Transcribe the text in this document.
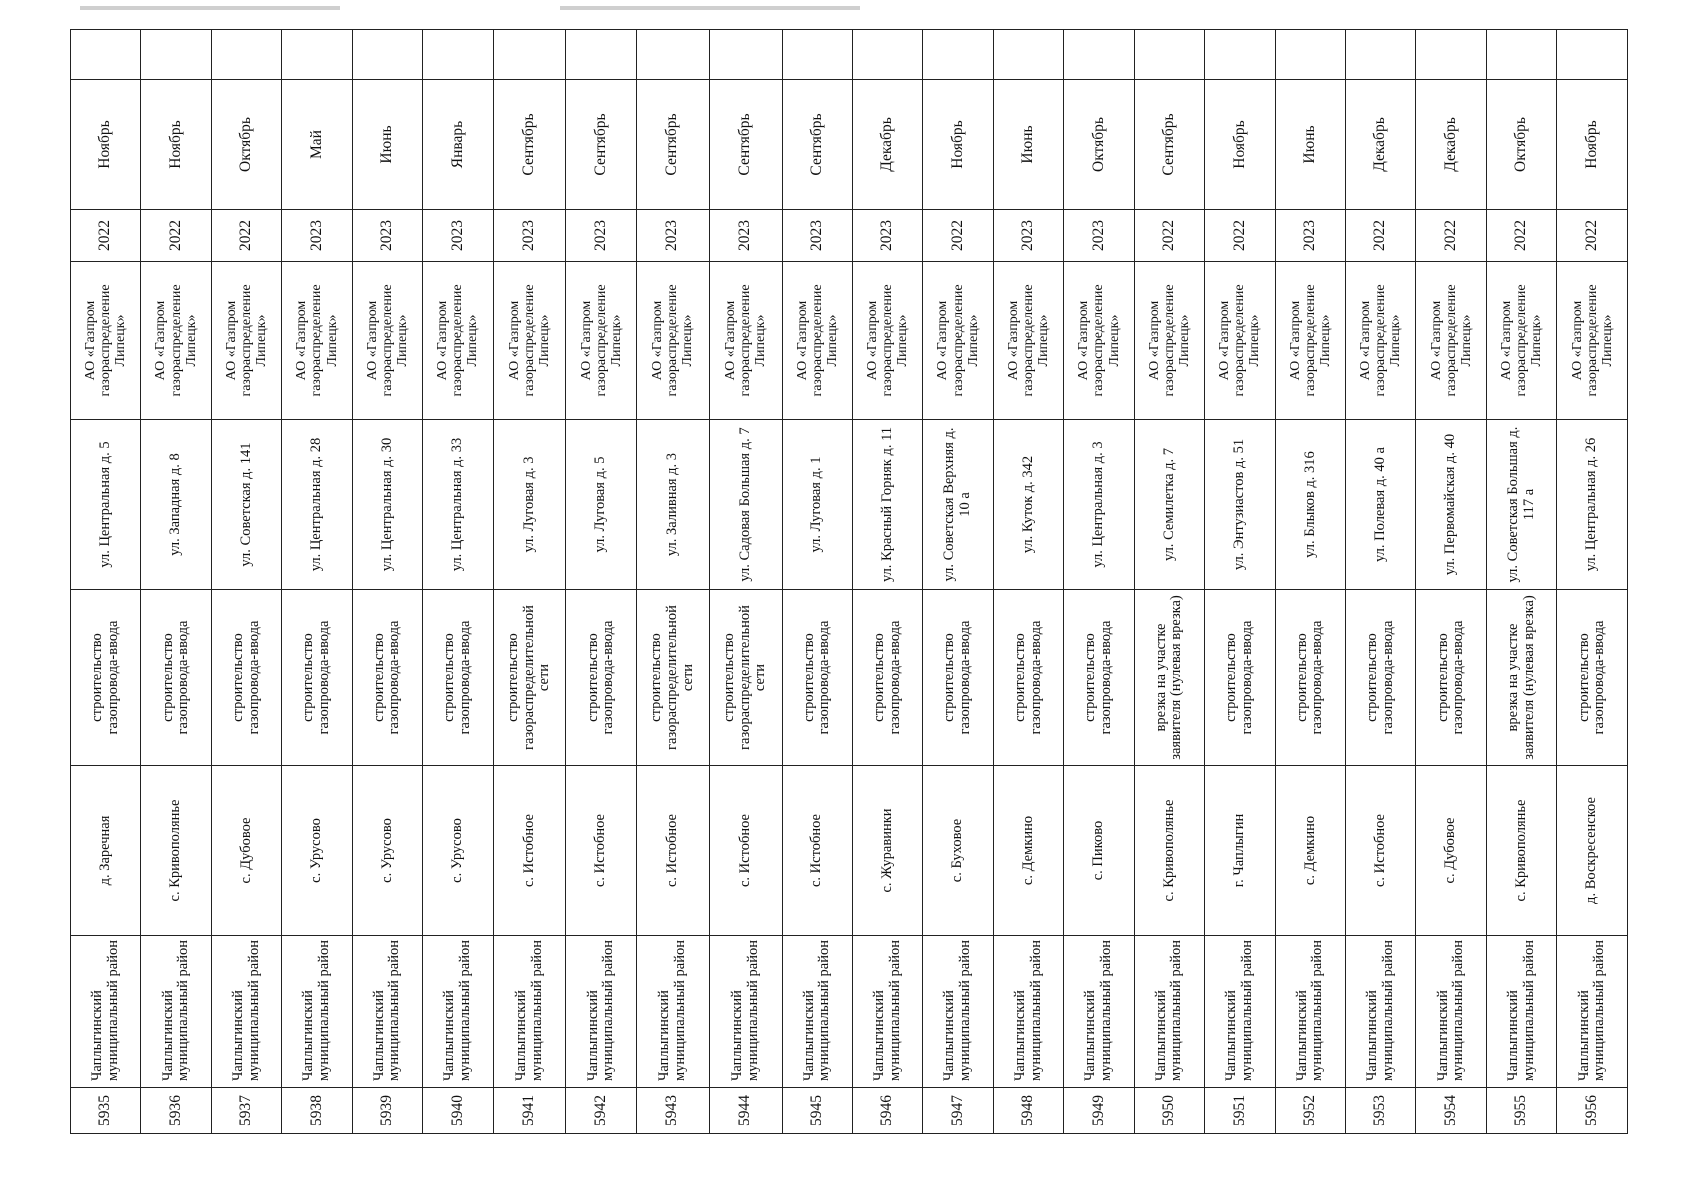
5935	Чаплыгинский муниципальный район	д. Заречная	строительство газопровода-ввода	ул. Центральная д. 5	АО «Газпром газораспределение Липецк»	2022	Ноябрь	
5936	Чаплыгинский муниципальный район	с. Кривополянье	строительство газопровода-ввода	ул. Западная д. 8	АО «Газпром газораспределение Липецк»	2022	Ноябрь	
5937	Чаплыгинский муниципальный район	с. Дубовое	строительство газопровода-ввода	ул. Советская д. 141	АО «Газпром газораспределение Липецк»	2022	Октябрь	
5938	Чаплыгинский муниципальный район	с. Урусово	строительство газопровода-ввода	ул. Центральная д. 28	АО «Газпром газораспределение Липецк»	2023	Май	
5939	Чаплыгинский муниципальный район	с. Урусово	строительство газопровода-ввода	ул. Центральная д. 30	АО «Газпром газораспределение Липецк»	2023	Июнь	
5940	Чаплыгинский муниципальный район	с. Урусово	строительство газопровода-ввода	ул. Центральная д. 33	АО «Газпром газораспределение Липецк»	2023	Январь	
5941	Чаплыгинский муниципальный район	с. Истобное	строительство газораспределительной сети	ул. Луговая д. 3	АО «Газпром газораспределение Липецк»	2023	Сентябрь	
5942	Чаплыгинский муниципальный район	с. Истобное	строительство газопровода-ввода	ул. Луговая д. 5	АО «Газпром газораспределение Липецк»	2023	Сентябрь	
5943	Чаплыгинский муниципальный район	с. Истобное	строительство газораспределительной сети	ул. Заливная д. 3	АО «Газпром газораспределение Липецк»	2023	Сентябрь	
5944	Чаплыгинский муниципальный район	с. Истобное	строительство газораспределительной сети	ул. Садовая Большая д. 7	АО «Газпром газораспределение Липецк»	2023	Сентябрь	
5945	Чаплыгинский муниципальный район	с. Истобное	строительство газопровода-ввода	ул. Луговая д. 1	АО «Газпром газораспределение Липецк»	2023	Сентябрь	
5946	Чаплыгинский муниципальный район	с. Журавинки	строительство газопровода-ввода	ул. Красный Горняк д. 11	АО «Газпром газораспределение Липецк»	2023	Декабрь	
5947	Чаплыгинский муниципальный район	с. Буховое	строительство газопровода-ввода	ул. Советская Верхняя д. 10 а	АО «Газпром газораспределение Липецк»	2022	Ноябрь	
5948	Чаплыгинский муниципальный район	с. Демкино	строительство газопровода-ввода	ул. Куток д. 342	АО «Газпром газораспределение Липецк»	2023	Июнь	
5949	Чаплыгинский муниципальный район	с. Пиково	строительство газопровода-ввода	ул. Центральная д. 3	АО «Газпром газораспределение Липецк»	2023	Октябрь	
5950	Чаплыгинский муниципальный район	с. Кривополянье	врезка на участке заявителя (нулевая врезка)	ул. Семилетка д. 7	АО «Газпром газораспределение Липецк»	2022	Сентябрь	
5951	Чаплыгинский муниципальный район	г. Чаплыгин	строительство газопровода-ввода	ул. Энтузиастов д. 51	АО «Газпром газораспределение Липецк»	2022	Ноябрь	
5952	Чаплыгинский муниципальный район	с. Демкино	строительство газопровода-ввода	ул. Блыков д. 316	АО «Газпром газораспределение Липецк»	2023	Июнь	
5953	Чаплыгинский муниципальный район	с. Истобное	строительство газопровода-ввода	ул. Полевая д. 40 а	АО «Газпром газораспределение Липецк»	2022	Декабрь	
5954	Чаплыгинский муниципальный район	с. Дубовое	строительство газопровода-ввода	ул. Первомайская д. 40	АО «Газпром газораспределение Липецк»	2022	Декабрь	
5955	Чаплыгинский муниципальный район	с. Кривополянье	врезка на участке заявителя (нулевая врезка)	ул. Советская Большая д. 117 а	АО «Газпром газораспределение Липецк»	2022	Октябрь	
5956	Чаплыгинский муниципальный район	д. Воскресенское	строительство газопровода-ввода	ул. Центральная д. 26	АО «Газпром газораспределение Липецк»	2022	Ноябрь	
